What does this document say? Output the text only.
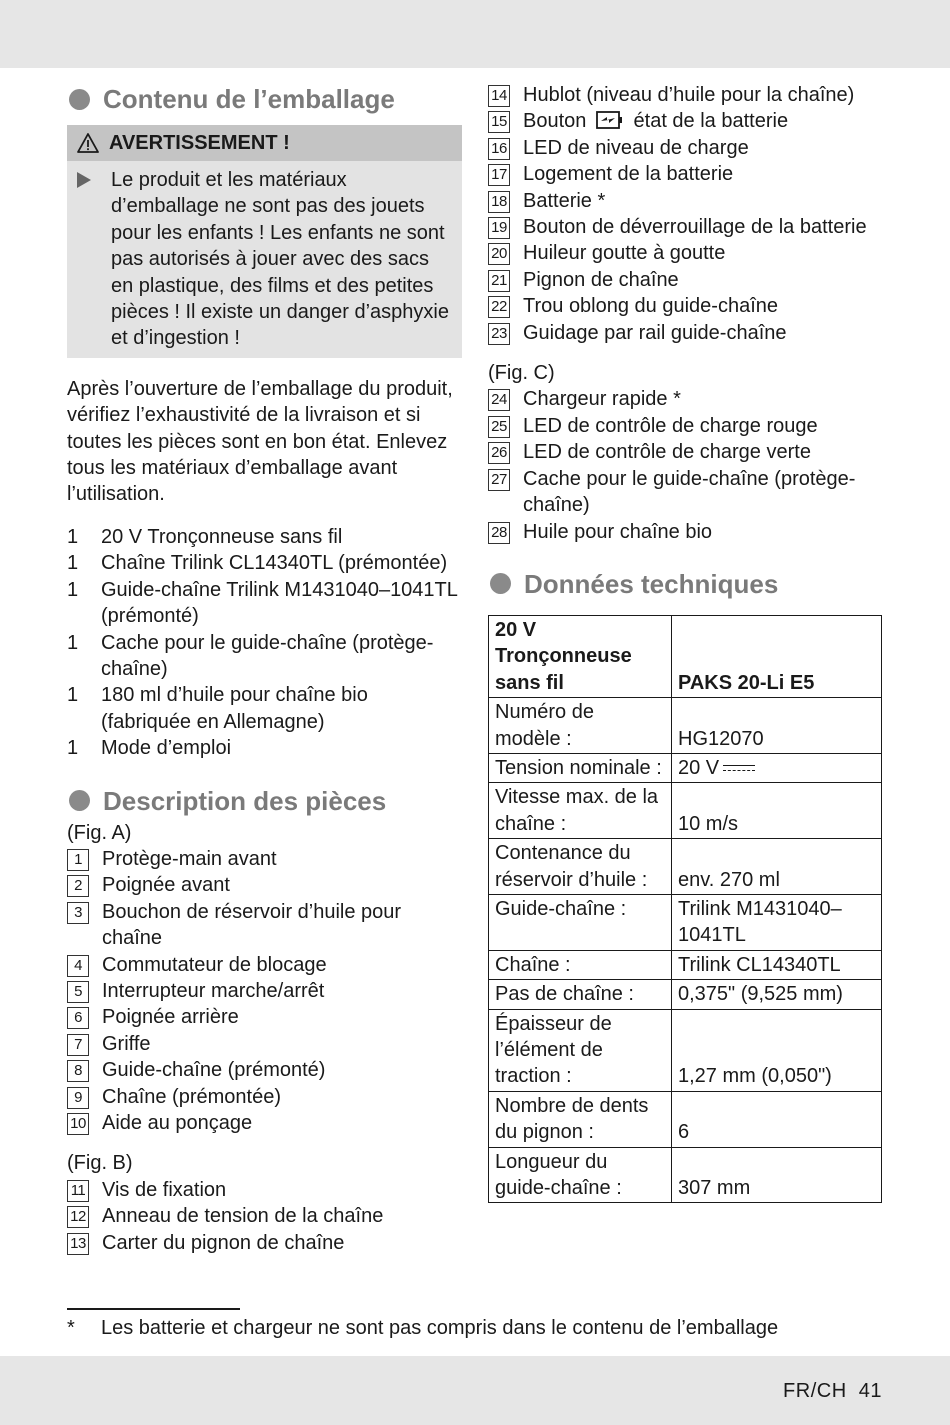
Contenu de l’emballage
AVERTISSEMENT !
Le produit et les matériaux d’emballage ne sont pas des jouets pour les enfants ! Les enfants ne sont pas autorisés à jouer avec des sacs en plastique, des films et des petites pièces ! Il existe un danger d’asphyxie et d’ingestion !

Après l’ouverture de l’emballage du produit, vérifiez l’exhaustivité de la livraison et si toutes les pièces sont en bon état. Enlevez tous les matériaux d’emballage avant l’utilisation.

1	20 V Tronçonneuse sans fil
1	Chaîne Trilink CL14340TL (prémontée)
1	Guide-chaîne Trilink M1431040–1041TL (prémonté)
1	Cache pour le guide-chaîne (protège-chaîne)
1	180 ml d’huile pour chaîne bio (fabriquée en Allemagne)
1	Mode d’emploi
Description des pièces
(Fig. A)
1	Protège-main avant
2	Poignée avant
3	Bouchon de réservoir d’huile pour chaîne
4	Commutateur de blocage
5	Interrupteur marche/arrêt
6	Poignée arrière
7	Griffe
8	Guide-chaîne (prémonté)
9	Chaîne (prémontée)
10 Aide au ponçage
(Fig. B)
11 Vis de fixation
12 Anneau de tension de la chaîne
13 Carter du pignon de chaîne
14 Hublot (niveau d’huile pour la chaîne)
15 Bouton état de la batterie
16 LED de niveau de charge
17 Logement de la batterie
18 Batterie *
19 Bouton de déverrouillage de la batterie
20 Huileur goutte à goutte
21 Pignon de chaîne
22 Trou oblong du guide-chaîne
23 Guidage par rail guide-chaîne
(Fig. C)
24 Chargeur rapide *
25 LED de contrôle de charge rouge
26 LED de contrôle de charge verte
27 Cache pour le guide-chaîne (protège-chaîne)
28 Huile pour chaîne bio
Données techniques
20 V Tronçonneuse sans fil	PAKS 20-Li E5
Numéro de modèle :	HG12070
Tension nominale :	20 V

Vitesse max. de la chaîne :	10 m/s
Contenance du réservoir d’huile :	env. 270 ml
Guide-chaîne :	Trilink M1431040–1041TL
Chaîne :	Trilink CL14340TL
Pas de chaîne :	0,375" (9,525 mm)
Épaisseur de l’élément de traction :	1,27 mm (0,050")
Nombre de dents du pignon :	6
Longueur du guide-chaîne :	307 mm
*	Les batterie et chargeur ne sont pas compris dans le contenu de l’emballage
FR/CH  41
